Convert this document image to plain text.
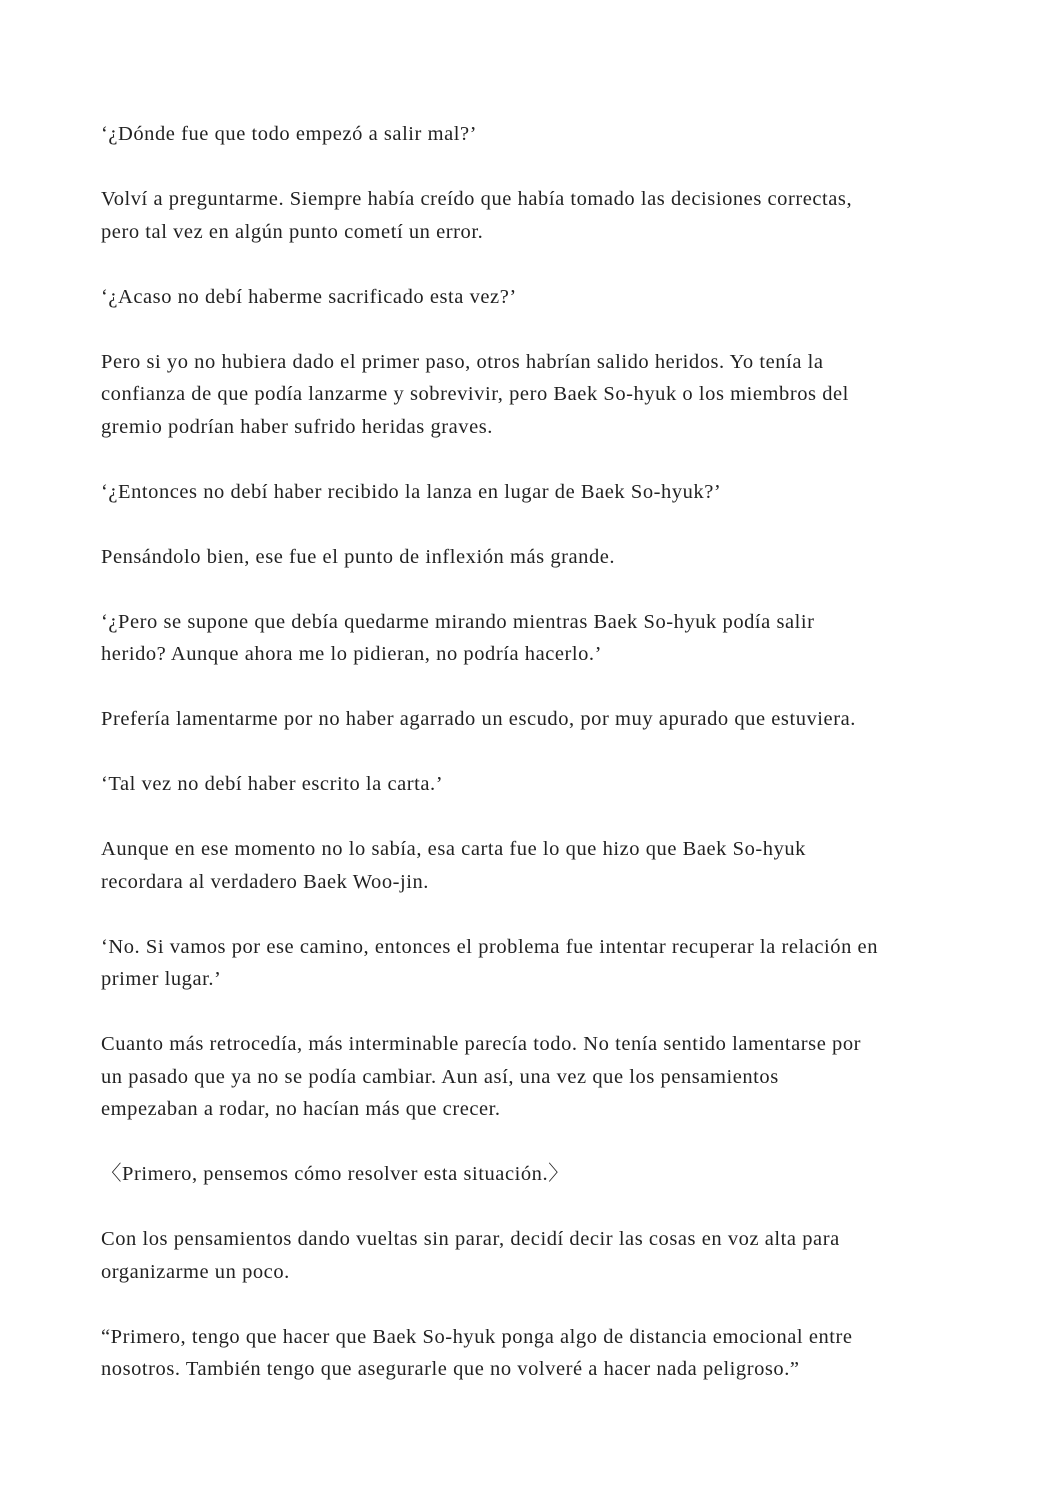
‘¿Dónde fue que todo empezó a salir mal?’
Volví a preguntarme. Siempre había creído que había tomado las decisiones correctas,
pero tal vez en algún punto cometí un error.
‘¿Acaso no debí haberme sacrificado esta vez?’
Pero si yo no hubiera dado el primer paso, otros habrían salido heridos. Yo tenía la
confianza de que podía lanzarme y sobrevivir, pero Baek So-hyuk o los miembros del
gremio podrían haber sufrido heridas graves.
‘¿Entonces no debí haber recibido la lanza en lugar de Baek So-hyuk?’
Pensándolo bien, ese fue el punto de inflexión más grande.
‘¿Pero se supone que debía quedarme mirando mientras Baek So-hyuk podía salir
herido? Aunque ahora me lo pidieran, no podría hacerlo.’
Prefería lamentarme por no haber agarrado un escudo, por muy apurado que estuviera.
‘Tal vez no debí haber escrito la carta.’
Aunque en ese momento no lo sabía, esa carta fue lo que hizo que Baek So-hyuk
recordara al verdadero Baek Woo-jin.
‘No. Si vamos por ese camino, entonces el problema fue intentar recuperar la relación en
primer lugar.’
Cuanto más retrocedía, más interminable parecía todo. No tenía sentido lamentarse por
un pasado que ya no se podía cambiar. Aun así, una vez que los pensamientos
empezaban a rodar, no hacían más que crecer.
〈Primero, pensemos cómo resolver esta situación.〉
Con los pensamientos dando vueltas sin parar, decidí decir las cosas en voz alta para
organizarme un poco.
“Primero, tengo que hacer que Baek So-hyuk ponga algo de distancia emocional entre
nosotros. También tengo que asegurarle que no volveré a hacer nada peligroso.”
